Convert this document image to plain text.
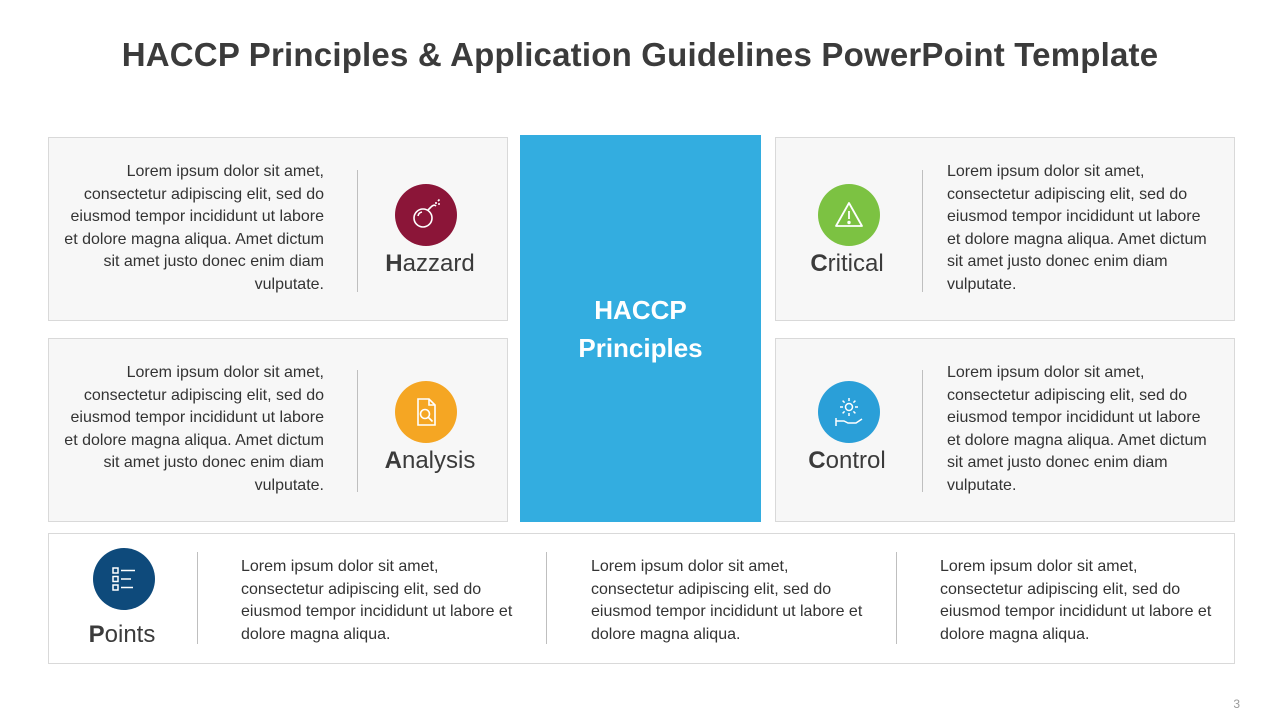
HACCP Principles & Application Guidelines PowerPoint Template
Lorem ipsum dolor sit amet, consectetur adipiscing elit, sed do eiusmod tempor incididunt ut labore et dolore magna aliqua. Amet dictum sit amet justo donec enim diam vulputate.
Hazzard
Lorem ipsum dolor sit amet, consectetur adipiscing elit, sed do eiusmod tempor incididunt ut labore et dolore magna aliqua. Amet dictum sit amet justo donec enim diam vulputate.
Analysis
HACCP
Principles
Critical
Lorem ipsum dolor sit amet, consectetur adipiscing elit, sed do eiusmod tempor incididunt ut labore et dolore magna aliqua. Amet dictum sit amet justo donec enim diam vulputate.
Control
Lorem ipsum dolor sit amet, consectetur adipiscing elit, sed do eiusmod tempor incididunt ut labore et dolore magna aliqua. Amet dictum sit amet justo donec enim diam vulputate.
Points
Lorem ipsum dolor sit amet, consectetur adipiscing elit, sed do eiusmod tempor incididunt ut labore et dolore magna aliqua.
Lorem ipsum dolor sit amet, consectetur adipiscing elit, sed do eiusmod tempor incididunt ut labore et dolore magna aliqua.
Lorem ipsum dolor sit amet, consectetur adipiscing elit, sed do eiusmod tempor incididunt ut labore et dolore magna aliqua.
3
